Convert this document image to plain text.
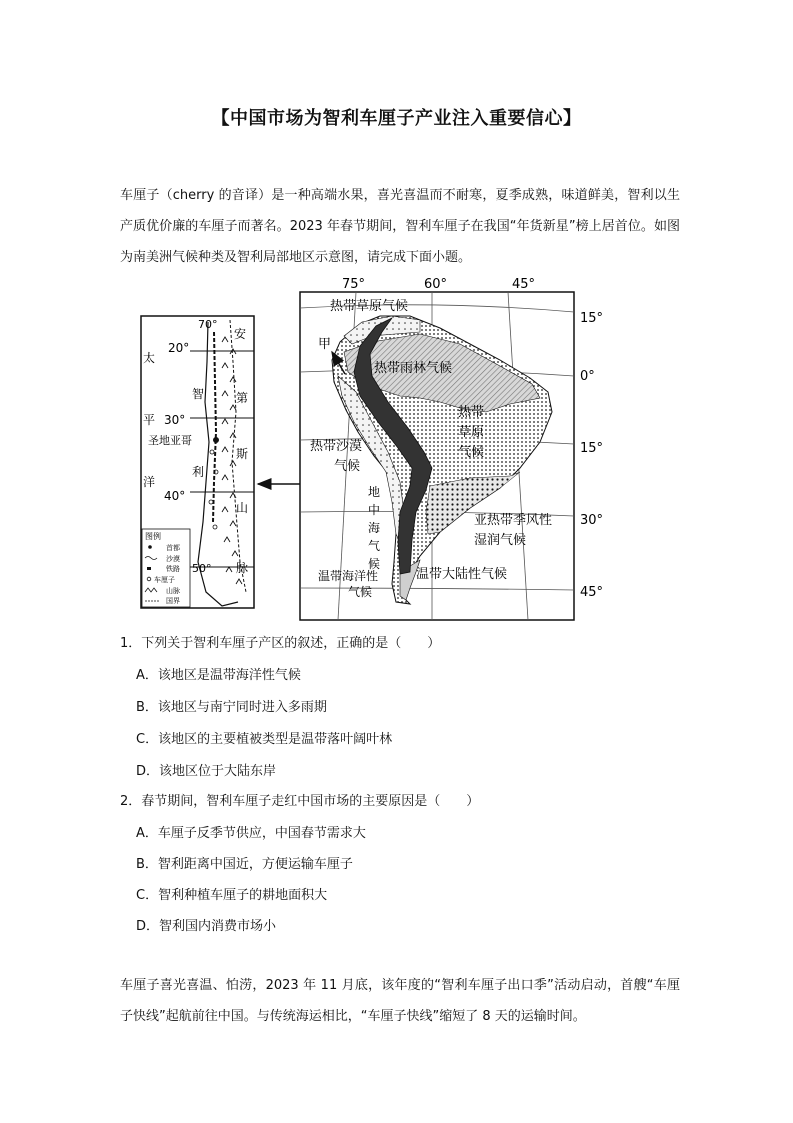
【中国市场为智利车厘子产业注入重要信心】
车厘子（cherry 的音译）是一种高端水果，喜光喜温而不耐寒，夏季成熟，味道鲜美，智利以生产质优价廉的车厘子而著名。2023 年春节期间，智利车厘子在我国“年货新星”榜上居首位。如图为南美洲气候种类及智利局部地区示意图，请完成下面小题。
圣地亚哥
70°
20°
30°
40°
50°
太
平
洋
智
利
安
第
斯
山
脉
图例
首都
沙漠
铁路
车厘子
山脉
国界
甲
热带草原气候
热带雨林气候
热带
草原
气候
热带沙漠
气候
地
中
海
气
候
亚热带季风性
湿润气候
温带海洋性
气候
温带大陆性气候
75°	60°	45°
15°
0°
15°
30°
45°
1．下列关于智利车厘子产区的叙述，正确的是（　　）
A．该地区是温带海洋性气候
B．该地区与南宁同时进入多雨期
C．该地区的主要植被类型是温带落叶阔叶林
D．该地区位于大陆东岸
2．春节期间，智利车厘子走红中国市场的主要原因是（　　）
A．车厘子反季节供应，中国春节需求大
B．智利距离中国近，方便运输车厘子
C．智利种植车厘子的耕地面积大
D．智利国内消费市场小
车厘子喜光喜温、怕涝，2023 年 11 月底，该年度的“智利车厘子出口季”活动启动，首艘“车厘子快线”起航前往中国。与传统海运相比，“车厘子快线”缩短了 8 天的运输时间。
